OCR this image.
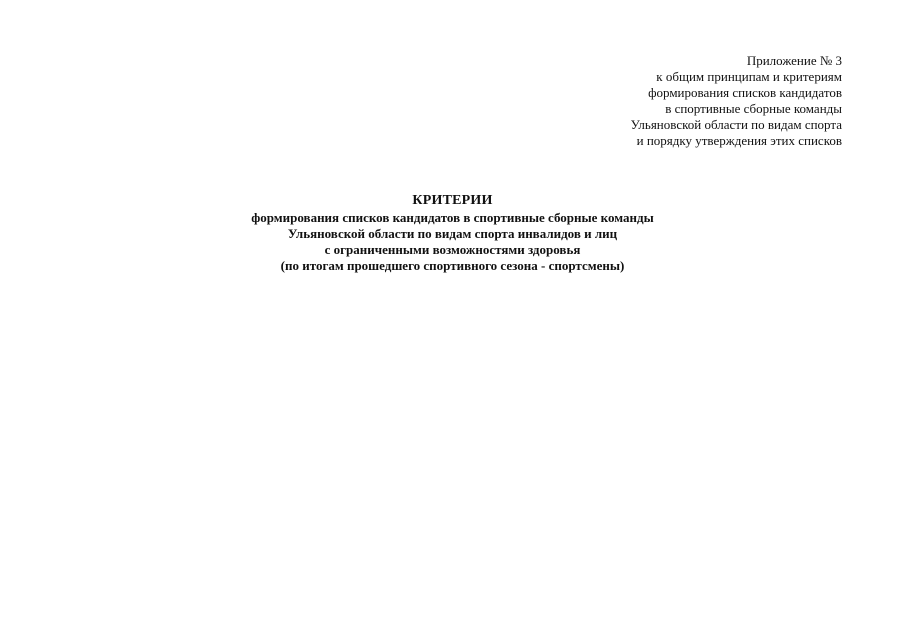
Приложение № 3
к общим принципам и критериям
формирования списков кандидатов
в спортивные сборные команды
Ульяновской области по видам спорта
и порядку утверждения этих списков
КРИТЕРИИ
формирования списков кандидатов в спортивные сборные команды
Ульяновской области по видам спорта инвалидов и лиц
с ограниченными возможностями здоровья
(по итогам прошедшего спортивного сезона - спортсмены)
